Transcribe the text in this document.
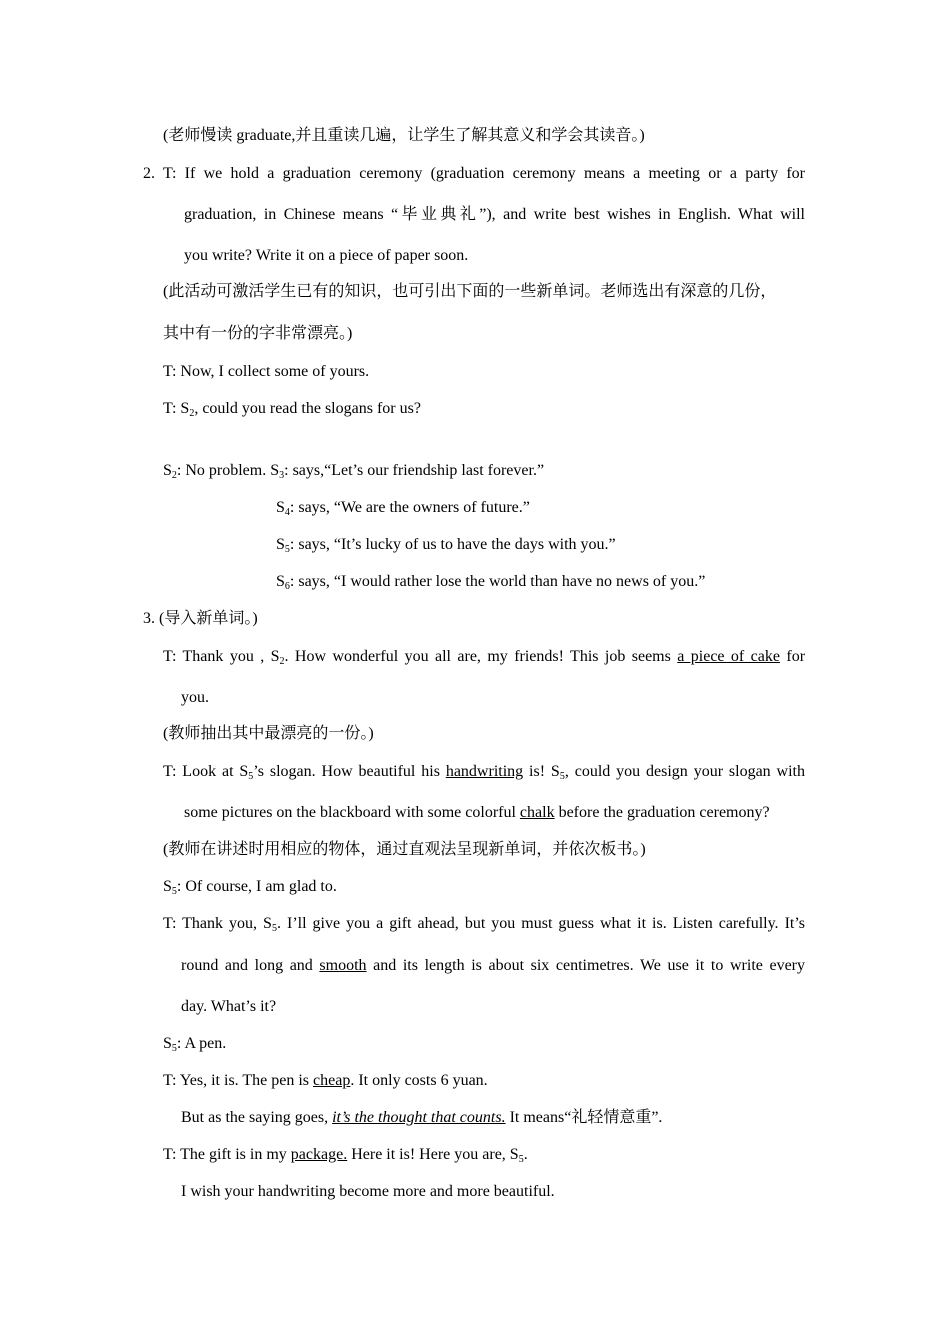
(老师慢读 graduate,并且重读几遍，让学生了解其意义和学会其读音。)
2. T: If we hold a graduation ceremony (graduation ceremony means a meeting or a party for
graduation, in Chinese means “毕业典礼”), and write best wishes in English. What will
you write? Write it on a piece of paper soon.
(此活动可激活学生已有的知识，也可引出下面的一些新单词。老师选出有深意的几份，
其中有一份的字非常漂亮。)
T: Now, I collect some of yours.
T: $S_2$, could you read the slogans for us?
$S_2$: No problem. $S_3$: says,“Let’s our friendship last forever.”
$S_4$: says, “We are the owners of future.”
$S_5$: says, “It’s lucky of us to have the days with you.”
$S_6$: says, “I would rather lose the world than have no news of you.”
3. (导入新单词。)
T: Thank you , $S_2$. How wonderful you all are, my friends! This job seems a piece of cake for
you.
(教师抽出其中最漂亮的一份。)
T: Look at $S_5’s$ slogan. How beautiful his handwriting is! $S_5$, could you design your slogan with
some pictures on the blackboard with some colorful chalk before the graduation ceremony?
(教师在讲述时用相应的物体，通过直观法呈现新单词，并依次板书。)
$S_5$: Of course, I am glad to.
T: Thank you, $S_5$. I’ll give you a gift ahead, but you must guess what it is. Listen carefully. It’s
round and long and smooth and its length is about six centimetres. We use it to write every
day. What’s it?
$S_5$: A pen.
T: Yes, it is. The pen is cheap. It only costs 6 yuan.
But as the saying goes, it’s the thought that counts. It means“礼轻情意重”.
T: The gift is in my package. Here it is! Here you are, $S_5$.
I wish your handwriting become more and more beautiful.
